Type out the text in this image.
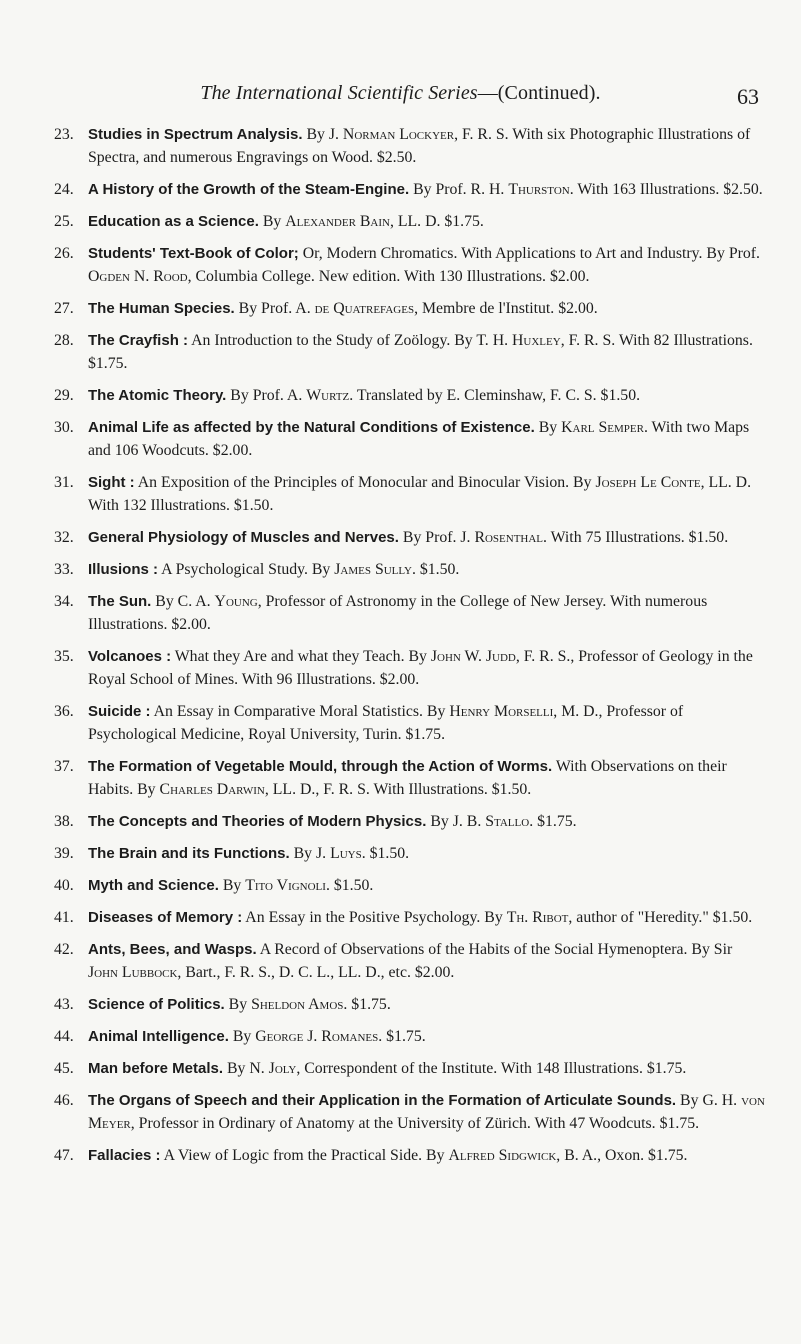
The International Scientific Series—(Continued).	63
23. Studies in Spectrum Analysis. By J. Norman Lockyer, F. R. S. With six Photographic Illustrations of Spectra, and numerous Engravings on Wood. $2.50.
24. A History of the Growth of the Steam-Engine. By Prof. R. H. Thurston. With 163 Illustrations. $2.50.
25. Education as a Science. By Alexander Bain, LL. D. $1.75.
26. Students' Text-Book of Color; Or, Modern Chromatics. With Applications to Art and Industry. By Prof. Ogden N. Rood, Columbia College. New edition. With 130 Illustrations. $2.00.
27. The Human Species. By Prof. A. de Quatrefages, Membre de l'Institut. $2.00.
28. The Crayfish : An Introduction to the Study of Zoölogy. By T. H. Huxley, F. R. S. With 82 Illustrations. $1.75.
29. The Atomic Theory. By Prof. A. Wurtz. Translated by E. Cleminshaw, F. C. S. $1.50.
30. Animal Life as affected by the Natural Conditions of Existence. By Karl Semper. With two Maps and 106 Woodcuts. $2.00.
31. Sight : An Exposition of the Principles of Monocular and Binocular Vision. By Joseph Le Conte, LL. D. With 132 Illustrations. $1.50.
32. General Physiology of Muscles and Nerves. By Prof. J. Rosenthal. With 75 Illustrations. $1.50.
33. Illusions : A Psychological Study. By James Sully. $1.50.
34. The Sun. By C. A. Young, Professor of Astronomy in the College of New Jersey. With numerous Illustrations. $2.00.
35. Volcanoes : What they Are and what they Teach. By John W. Judd, F. R. S., Professor of Geology in the Royal School of Mines. With 96 Illustrations. $2.00.
36. Suicide : An Essay in Comparative Moral Statistics. By Henry Morselli, M. D., Professor of Psychological Medicine, Royal University, Turin. $1.75.
37. The Formation of Vegetable Mould, through the Action of Worms. With Observations on their Habits. By Charles Darwin, LL. D., F. R. S. With Illustrations. $1.50.
38. The Concepts and Theories of Modern Physics. By J. B. Stallo. $1.75.
39. The Brain and its Functions. By J. Luys. $1.50.
40. Myth and Science. By Tito Vignoli. $1.50.
41. Diseases of Memory : An Essay in the Positive Psychology. By Th. Ribot, author of "Heredity." $1.50.
42. Ants, Bees, and Wasps. A Record of Observations of the Habits of the Social Hymenoptera. By Sir John Lubbock, Bart., F. R. S., D. C. L., LL. D., etc. $2.00.
43. Science of Politics. By Sheldon Amos. $1.75.
44. Animal Intelligence. By George J. Romanes. $1.75.
45. Man before Metals. By N. Joly, Correspondent of the Institute. With 148 Illustrations. $1.75.
46. The Organs of Speech and their Application in the Formation of Articulate Sounds. By G. H. von Meyer, Professor in Ordinary of Anatomy at the University of Zürich. With 47 Woodcuts. $1.75.
47. Fallacies : A View of Logic from the Practical Side. By Alfred Sidgwick, B. A., Oxon. $1.75.
